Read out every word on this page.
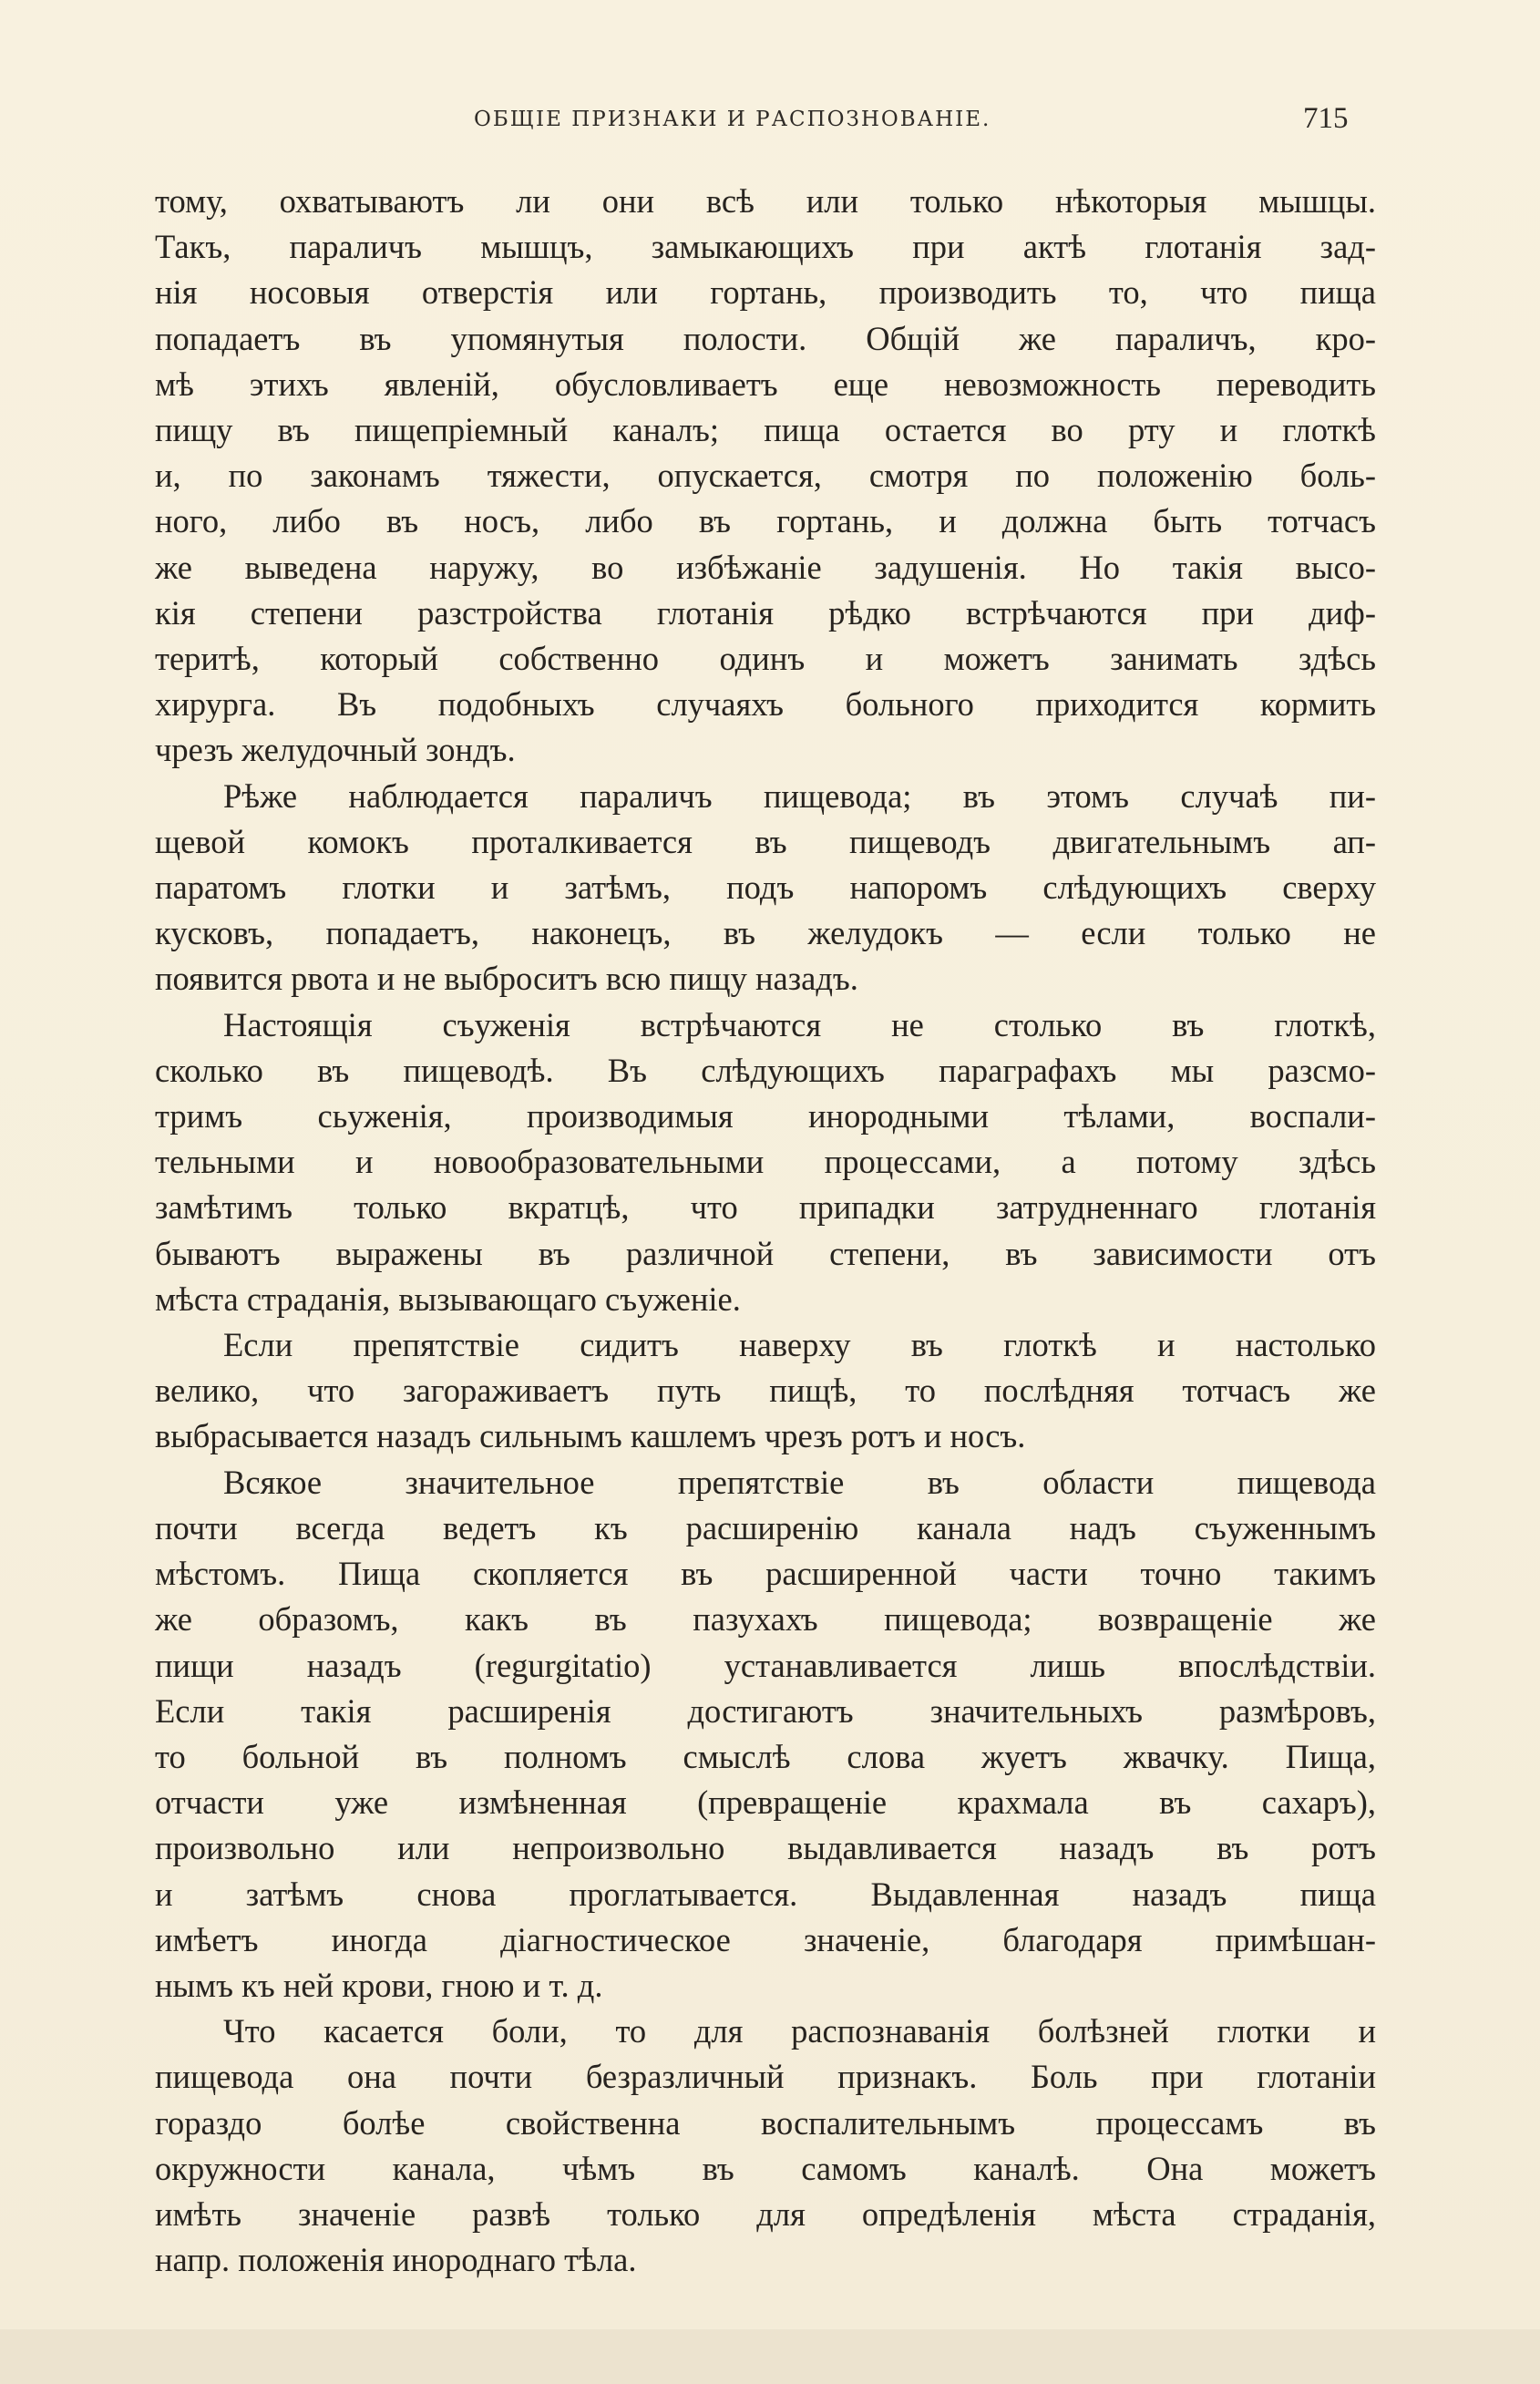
ОБЩІЕ ПРИЗНАКИ И РАСПОЗНОВАНІЕ.	715
тому, охватываютъ ли они всѣ или только нѣкоторыя мышцы.
Такъ, параличъ мышцъ, замыкающихъ при актѣ глотанія зад-
нія носовыя отверстія или гортань, производить то, что пища
попадаетъ въ упомянутыя полости. Общій же параличъ, кро-
мѣ этихъ явленій, обусловливаетъ еще невозможность переводить
пищу въ пищепріемный каналъ; пища остается во рту и глоткѣ
и, по законамъ тяжести, опускается, смотря по положенію боль-
ного, либо въ носъ, либо въ гортань, и должна быть тотчасъ
же выведена наружу, во избѣжаніе задушенія. Но такія высо-
кія степени разстройства глотанія рѣдко встрѣчаются при диф-
теритѣ, который собственно одинъ и можетъ занимать здѣсь
хирурга. Въ подобныхъ случаяхъ больного приходится кормить
чрезъ желудочный зондъ.
Рѣже наблюдается параличъ пищевода; въ этомъ случаѣ пи-
щевой комокъ проталкивается въ пищеводъ двигательнымъ ап-
паратомъ глотки и затѣмъ, подъ напоромъ слѣдующихъ сверху
кусковъ, попадаетъ, наконецъ, въ желудокъ — если только не
появится рвота и не выброситъ всю пищу назадъ.
Настоящія съуженія встрѣчаются не столько въ глоткѣ,
сколько въ пищеводѣ. Въ слѣдующихъ параграфахъ мы разсмо-
тримъ сьуженія, производимыя инородными тѣлами, воспали-
тельными и новообразовательными процессами, а потому здѣсь
замѣтимъ только вкратцѣ, что припадки затрудненнаго глотанія
бываютъ выражены въ различной степени, въ зависимости отъ
мѣста страданія, вызывающаго съуженіе.
Если препятствіе сидитъ наверху въ глоткѣ и настолько
велико, что загораживаетъ путь пищѣ, то послѣдняя тотчасъ же
выбрасывается назадъ сильнымъ кашлемъ чрезъ ротъ и носъ.
Всякое значительное препятствіе въ области пищевода
почти всегда ведетъ къ расширенію канала надъ съуженнымъ
мѣстомъ. Пища скопляется въ расширенной части точно такимъ
же образомъ, какъ въ пазухахъ пищевода; возвращеніе же
пищи назадъ (regurgitatio) устанавливается лишь впослѣдствіи.
Если такія расширенія достигаютъ значительныхъ размѣровъ,
то больной въ полномъ смыслѣ слова жуетъ жвачку. Пища,
отчасти уже измѣненная (превращеніе крахмала въ сахаръ),
произвольно или непроизвольно выдавливается назадъ въ ротъ
и затѣмъ снова проглатывается. Выдавленная назадъ пища
имѣетъ иногда діагностическое значеніе, благодаря примѣшан-
нымъ къ ней крови, гною и т. д.
Что касается боли, то для распознаванія болѣзней глотки и
пищевода она почти безразличный признакъ. Боль при глотаніи
гораздо болѣе свойственна воспалительнымъ процессамъ въ
окружности канала, чѣмъ въ самомъ каналѣ. Она можетъ
имѣть значеніе развѣ только для опредѣленія мѣста страданія,
напр. положенія инороднаго тѣла.
